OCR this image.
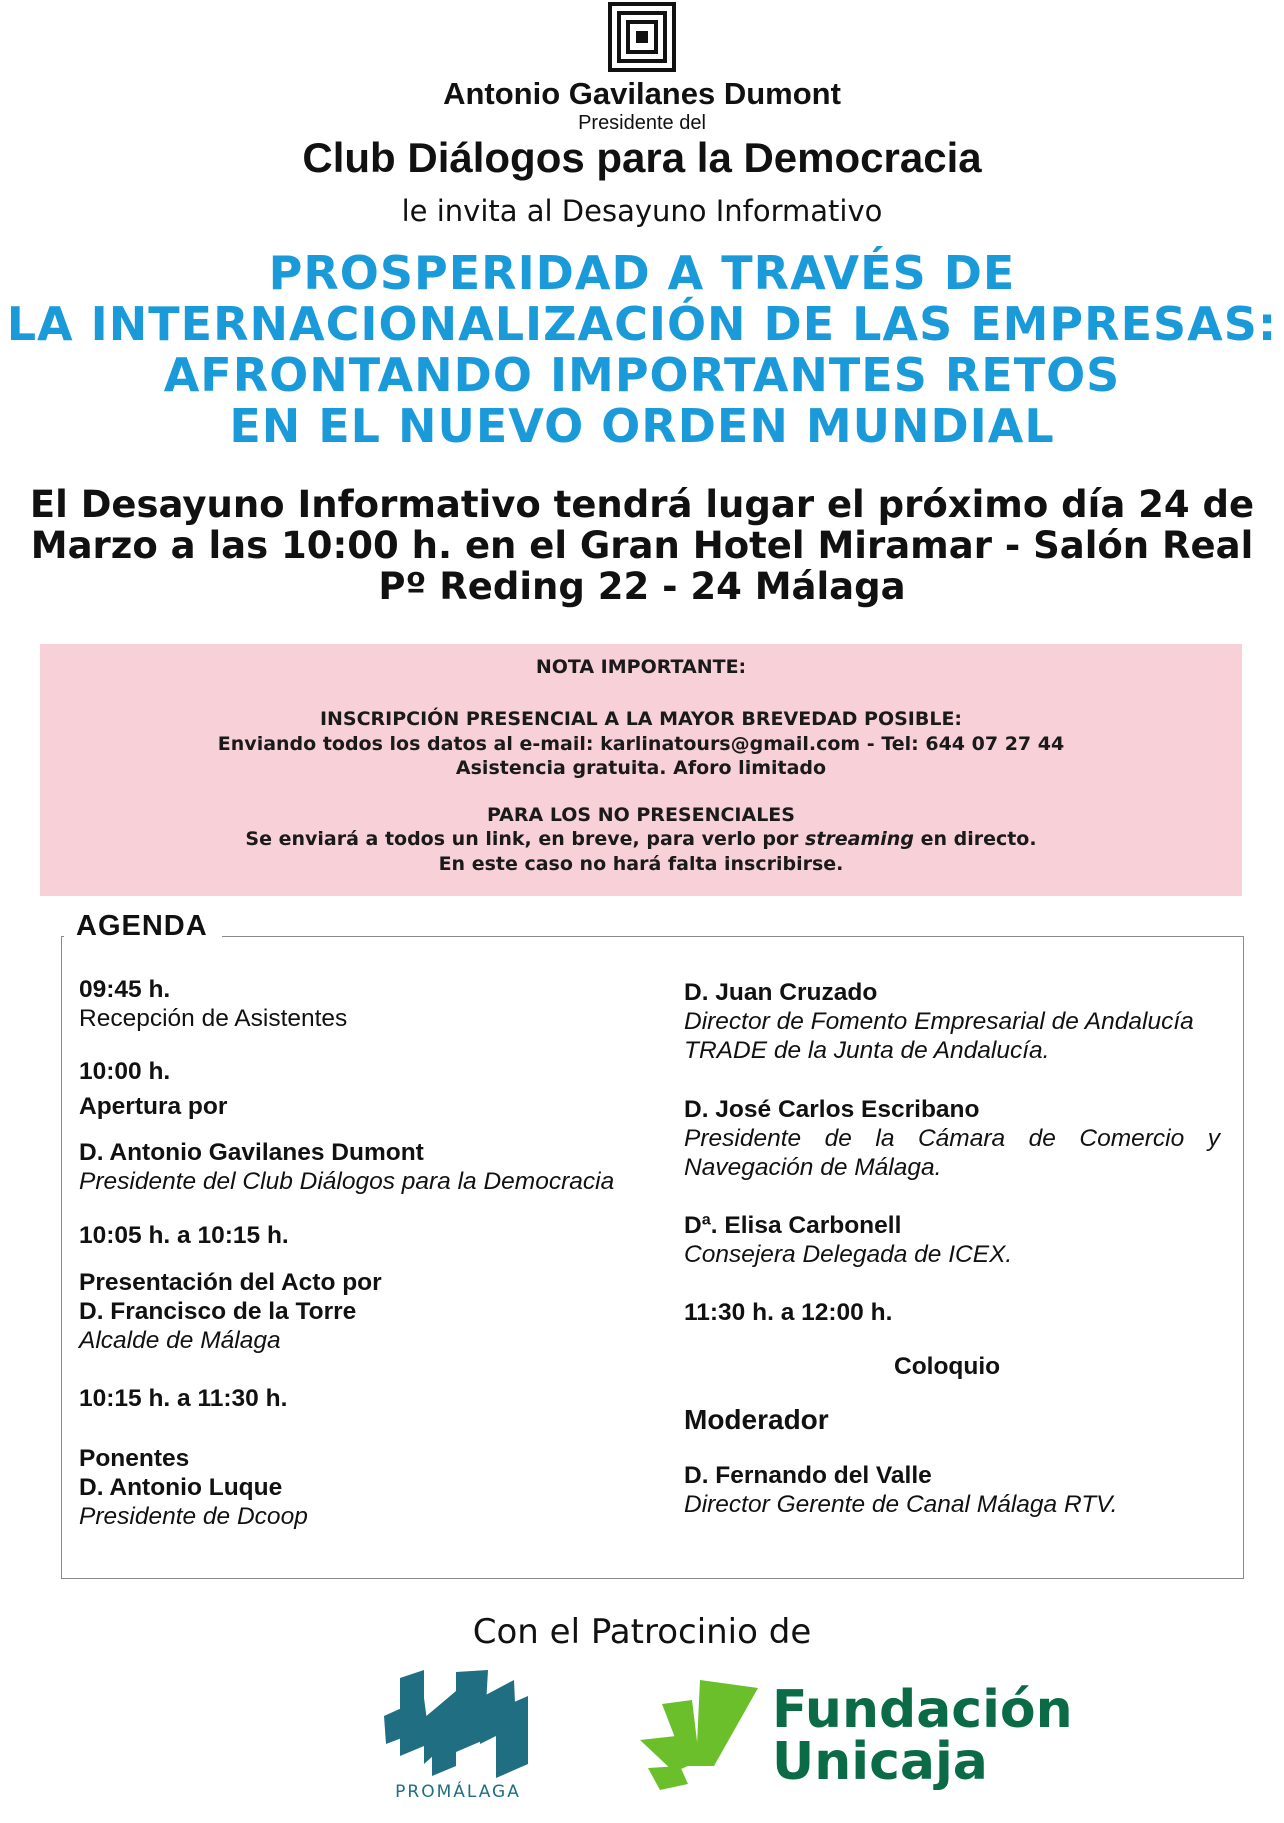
Antonio Gavilanes Dumont
Presidente del
Club Diálogos para la Democracia
le invita al Desayuno Informativo
PROSPERIDAD A TRAVÉS DE
LA INTERNACIONALIZACIÓN DE LAS EMPRESAS:
AFRONTANDO IMPORTANTES RETOS
EN EL NUEVO ORDEN MUNDIAL
El Desayuno Informativo tendrá lugar el próximo día 24 de
Marzo a las 10:00 h. en el Gran Hotel Miramar - Salón Real
Pº Reding 22 - 24 Málaga
NOTA IMPORTANTE:
INSCRIPCIÓN PRESENCIAL A LA MAYOR BREVEDAD POSIBLE:
Enviando todos los datos al e-mail: karlinatours@gmail.com - Tel: 644 07 27 44
Asistencia gratuita. Aforo limitado
PARA LOS NO PRESENCIALES
Se enviará a todos un link, en breve, para verlo por streaming en directo.
En este caso no hará falta inscribirse.
AGENDA
09:45 h.
Recepción de Asistentes
10:00 h.
Apertura por
D. Antonio Gavilanes Dumont
Presidente del Club Diálogos para la Democracia
10:05 h. a 10:15 h.
Presentación del Acto por
D. Francisco de la Torre
Alcalde de Málaga
10:15 h. a 11:30 h.
Ponentes
D. Antonio Luque
Presidente de Dcoop
D. Juan Cruzado
Director de Fomento Empresarial de Andalucía
TRADE de la Junta de Andalucía.
D. José Carlos Escribano
Presidente de la Cámara de Comercio y
Navegación de Málaga.
Dª. Elisa Carbonell
Consejera Delegada de ICEX.
11:30 h. a 12:00 h.
Coloquio
Moderador
D. Fernando del Valle
Director Gerente de Canal Málaga RTV.
Con el Patrocinio de
PROMÁLAGA
Fundación
Unicaja
